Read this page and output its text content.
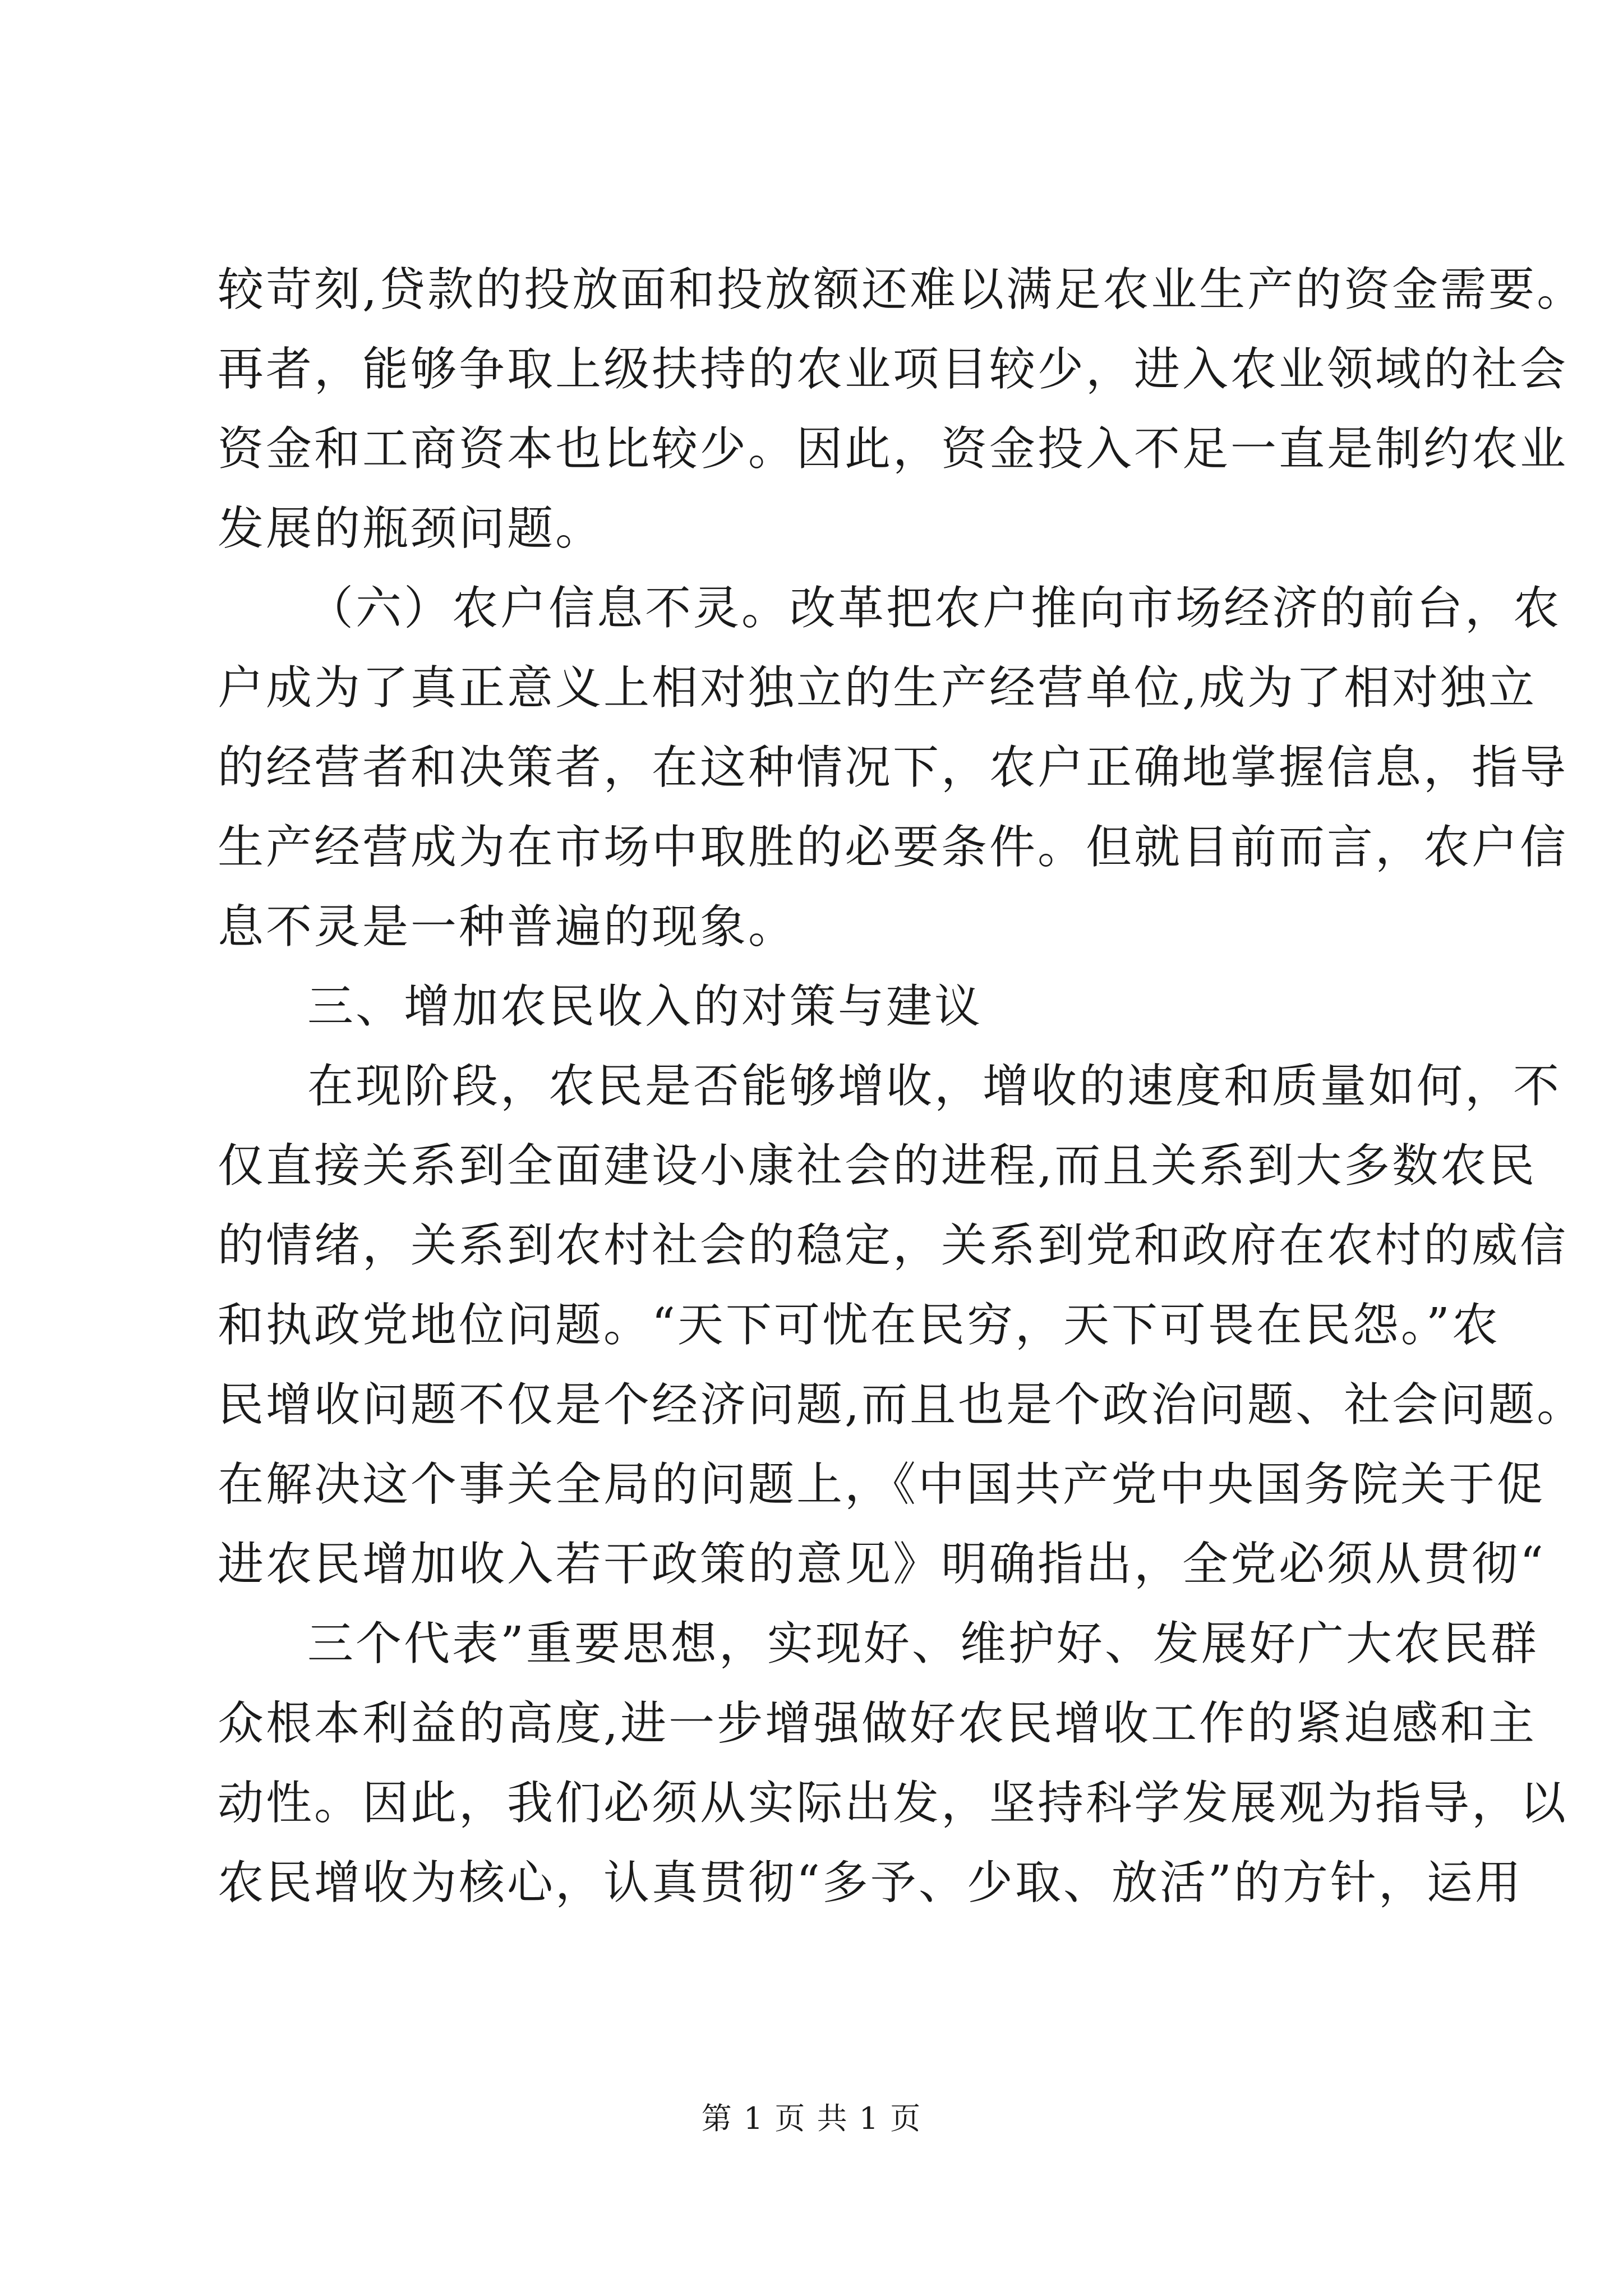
较苛刻,贷款的投放面和投放额还难以满足农业生产的资金需要。
再者，能够争取上级扶持的农业项目较少，进入农业领域的社会
资金和工商资本也比较少。因此，资金投入不足一直是制约农业
发展的瓶颈问题。
（六）农户信息不灵。改革把农户推向市场经济的前台，农
户成为了真正意义上相对独立的生产经营单位,成为了相对独立
的经营者和决策者，在这种情况下，农户正确地掌握信息，指导
生产经营成为在市场中取胜的必要条件。但就目前而言，农户信
息不灵是一种普遍的现象。
三、增加农民收入的对策与建议
在现阶段，农民是否能够增收，增收的速度和质量如何，不
仅直接关系到全面建设小康社会的进程,而且关系到大多数农民
的情绪，关系到农村社会的稳定，关系到党和政府在农村的威信
和执政党地位问题。“天下可忧在民穷，天下可畏在民怨。”农
民增收问题不仅是个经济问题,而且也是个政治问题、社会问题。
在解决这个事关全局的问题上，《中国共产党中央国务院关于促
进农民增加收入若干政策的意见》明确指出，全党必须从贯彻“
三个代表”重要思想，实现好、维护好、发展好广大农民群
众根本利益的高度,进一步增强做好农民增收工作的紧迫感和主
动性。因此，我们必须从实际出发，坚持科学发展观为指导，以
农民增收为核心，认真贯彻“多予、少取、放活”的方针，运用
第 1 页 共 1 页
